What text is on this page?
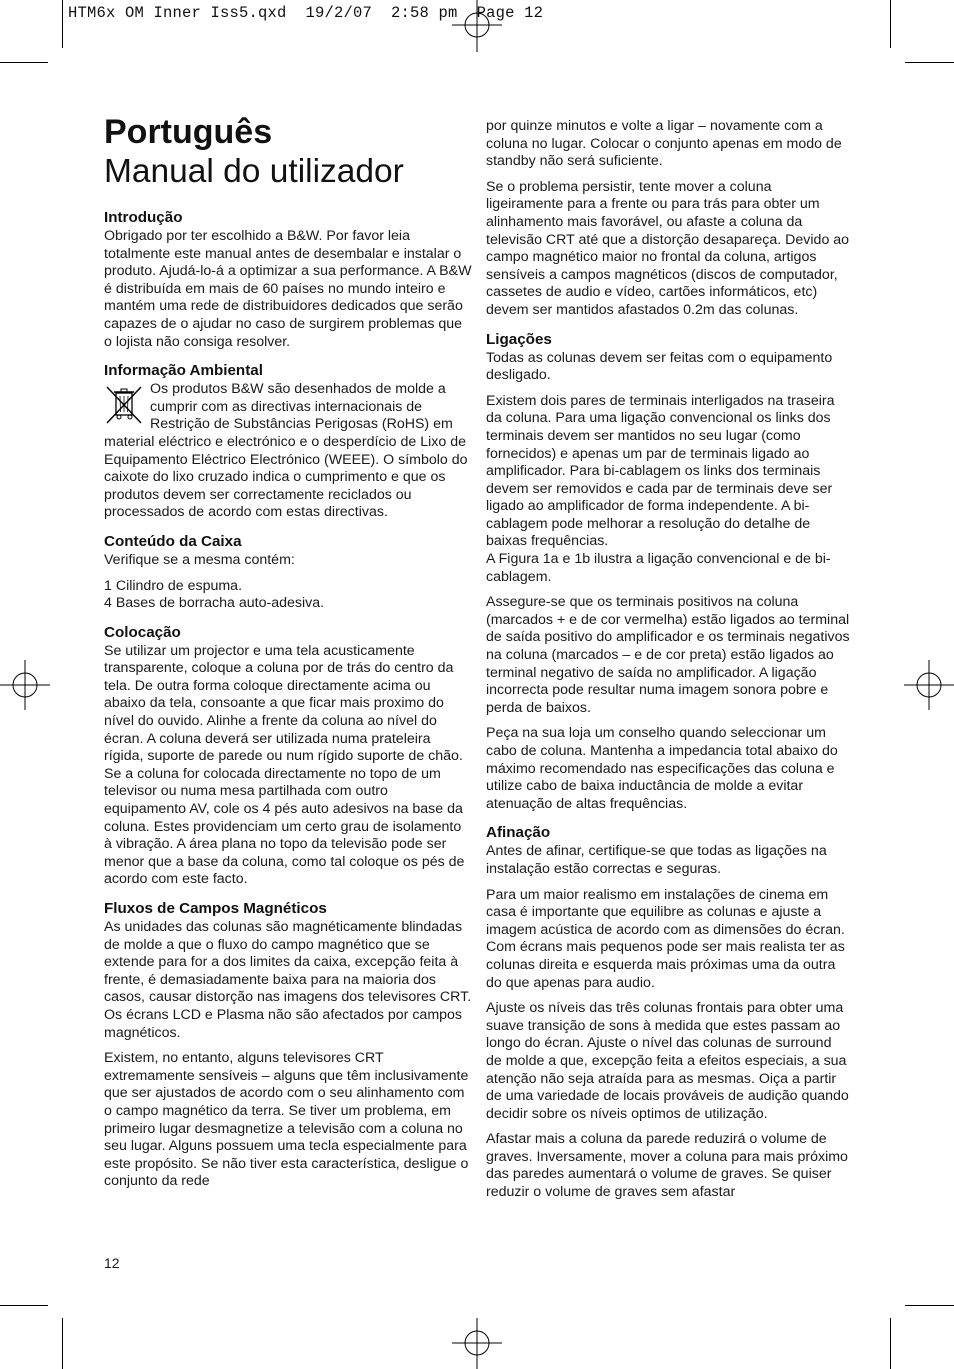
HTM6x OM Inner Iss5.qxd  19/2/07  2:58 pm  Page 12
Português
Manual do utilizador
Introdução

Obrigado por ter escolhido a B&W. Por favor leia totalmente este manual antes de desembalar e instalar o produto. Ajudá-lo-á a optimizar a sua performance. A B&W é distribuída em mais de 60 países no mundo inteiro e mantém uma rede de distribuidores dedicados que serão capazes de o ajudar no caso de surgirem problemas que o lojista não consiga resolver.

Informação Ambiental

Os produtos B&W são desenhados de molde a cumprir com as directivas internacionais de Restrição de Substâncias Perigosas (RoHS) em material eléctrico e electrónico e o desperdício de Lixo de Equipamento Eléctrico Electrónico (WEEE). O símbolo do caixote do lixo cruzado indica o cumprimento e que os produtos devem ser correctamente reciclados ou processados de acordo com estas directivas.

Conteúdo da Caixa

Verifique se a mesma contém:

1 Cilindro de espuma.
4 Bases de borracha auto-adesiva.
Colocação

Se utilizar um projector e uma tela acusticamente transparente, coloque a coluna por de trás do centro da tela. De outra forma coloque directamente acima ou abaixo da tela, consoante a que ficar mais proximo do nível do ouvido. Alinhe a frente da coluna ao nível do écran. A coluna deverá ser utilizada numa prateleira rígida, suporte de parede ou num rígido suporte de chão. Se a coluna for colocada directamente no topo de um televisor ou numa mesa partilhada com outro equipamento AV, cole os 4 pés auto adesivos na base da coluna. Estes providenciam um certo grau de isolamento à vibração. A área plana no topo da televisão pode ser menor que a base da coluna, como tal coloque os pés de acordo com este facto.

Fluxos de Campos Magnéticos

As unidades das colunas são magnéticamente blindadas de molde a que o fluxo do campo magnético que se extende para for a dos limites da caixa, excepção feita à frente, é demasiadamente baixa para na maioria dos casos, causar distorção nas imagens dos televisores CRT. Os écrans LCD e Plasma não são afectados por campos magnéticos.

Existem, no entanto, alguns televisores CRT extremamente sensíveis – alguns que têm inclusivamente que ser ajustados de acordo com o seu alinhamento com o campo magnético da terra. Se tiver um problema, em primeiro lugar desmagnetize a televisão com a coluna no seu lugar. Alguns possuem uma tecla especialmente para este propósito. Se não tiver esta característica, desligue o conjunto da rede

por quinze minutos e volte a ligar – novamente com a coluna no lugar. Colocar o conjunto apenas em modo de standby não será suficiente.

Se o problema persistir, tente mover a coluna ligeiramente para a frente ou para trás para obter um alinhamento mais favorável, ou afaste a coluna da televisão CRT até que a distorção desapareça. Devido ao campo magnético maior no frontal da coluna, artigos sensíveis a campos magnéticos (discos de computador, cassetes de audio e vídeo, cartões informáticos, etc) devem ser mantidos afastados 0.2m das colunas.

Ligações

Todas as colunas devem ser feitas com o equipamento desligado.

Existem dois pares de terminais interligados na traseira da coluna. Para uma ligação convencional os links dos terminais devem ser mantidos no seu lugar (como fornecidos) e apenas um par de terminais ligado ao amplificador. Para bi-cablagem os links dos terminais devem ser removidos e cada par de terminais deve ser ligado ao amplificador de forma independente. A bi-cablagem pode melhorar a resolução do detalhe de baixas frequências.

A Figura 1a e 1b ilustra a ligação convencional e de bi-cablagem.

Assegure-se que os terminais positivos na coluna (marcados + e de cor vermelha) estão ligados ao terminal de saída positivo do amplificador e os terminais negativos na coluna (marcados – e de cor preta) estão ligados ao terminal negativo de saída no amplificador. A ligação incorrecta pode resultar numa imagem sonora pobre e perda de baixos.

Peça na sua loja um conselho quando seleccionar um cabo de coluna. Mantenha a impedancia total abaixo do máximo recomendado nas especificações das coluna e utilize cabo de baixa inductância de molde a evitar atenuação de altas frequências.

Afinação

Antes de afinar, certifique-se que todas as ligações na instalação estão correctas e seguras.

Para um maior realismo em instalações de cinema em casa é importante que equilibre as colunas e ajuste a imagem acústica de acordo com as dimensões do écran. Com écrans mais pequenos pode ser mais realista ter as colunas direita e esquerda mais próximas uma da outra do que apenas para audio.

Ajuste os níveis das três colunas frontais para obter uma suave transição de sons à medida que estes passam ao longo do écran. Ajuste o nível das colunas de surround de molde a que, excepção feita a efeitos especiais, a sua atenção não seja atraída para as mesmas. Oiça a partir de uma variedade de locais prováveis de audição quando decidir sobre os níveis optimos de utilização.

Afastar mais a coluna da parede reduzirá o volume de graves. Inversamente, mover a coluna para mais próximo das paredes aumentará o volume de graves. Se quiser reduzir o volume de graves sem afastar

12
